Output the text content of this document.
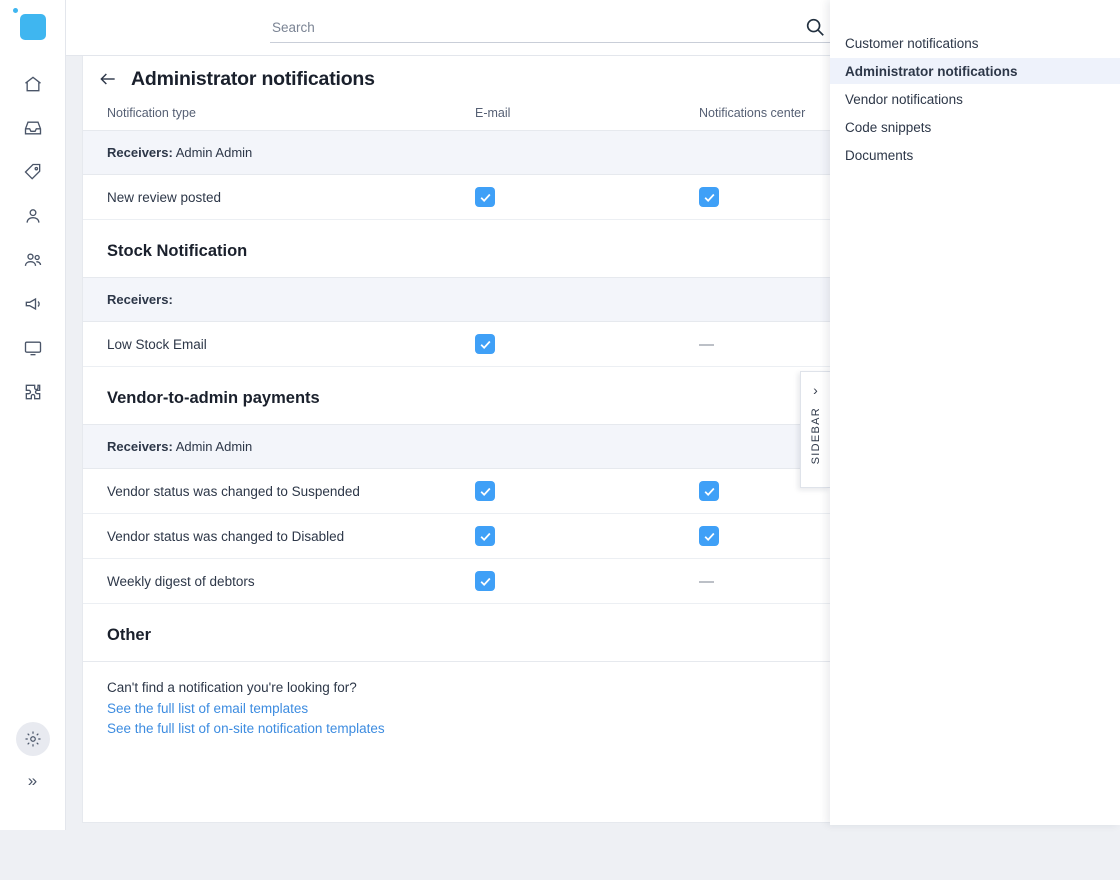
»
Search
Administrator notifications
Notification type	E-mail	Notifications center	
Receivers: Admin Admin			
New review posted	

Stock Notification			
Receivers:			
Low Stock Email		—	
Vendor-to-admin payments			
Receivers: Admin Admin			
Vendor status was changed to Suspended	

Vendor status was changed to Disabled	

Weekly digest of debtors		—	
Other			
Can't find a notification you're looking for?
See the full list of email templates
See the full list of on-site notification templates
›
SIDEBAR
Customer notifications
Administrator notifications
Vendor notifications
Code snippets
Documents
